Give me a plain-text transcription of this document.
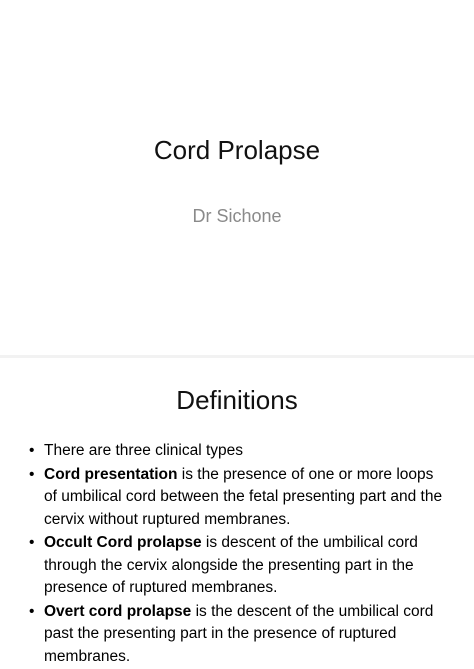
Cord Prolapse
Dr Sichone
Definitions
• There are three clinical types
• Cord presentation is the presence of one or more loops of umbilical cord between the fetal presenting part and the cervix without ruptured membranes.
• Occult Cord prolapse is descent of the umbilical cord through the cervix alongside the presenting part in the presence of ruptured membranes.
• Overt cord prolapse is the descent of the umbilical cord past the presenting part in the presence of ruptured membranes.
